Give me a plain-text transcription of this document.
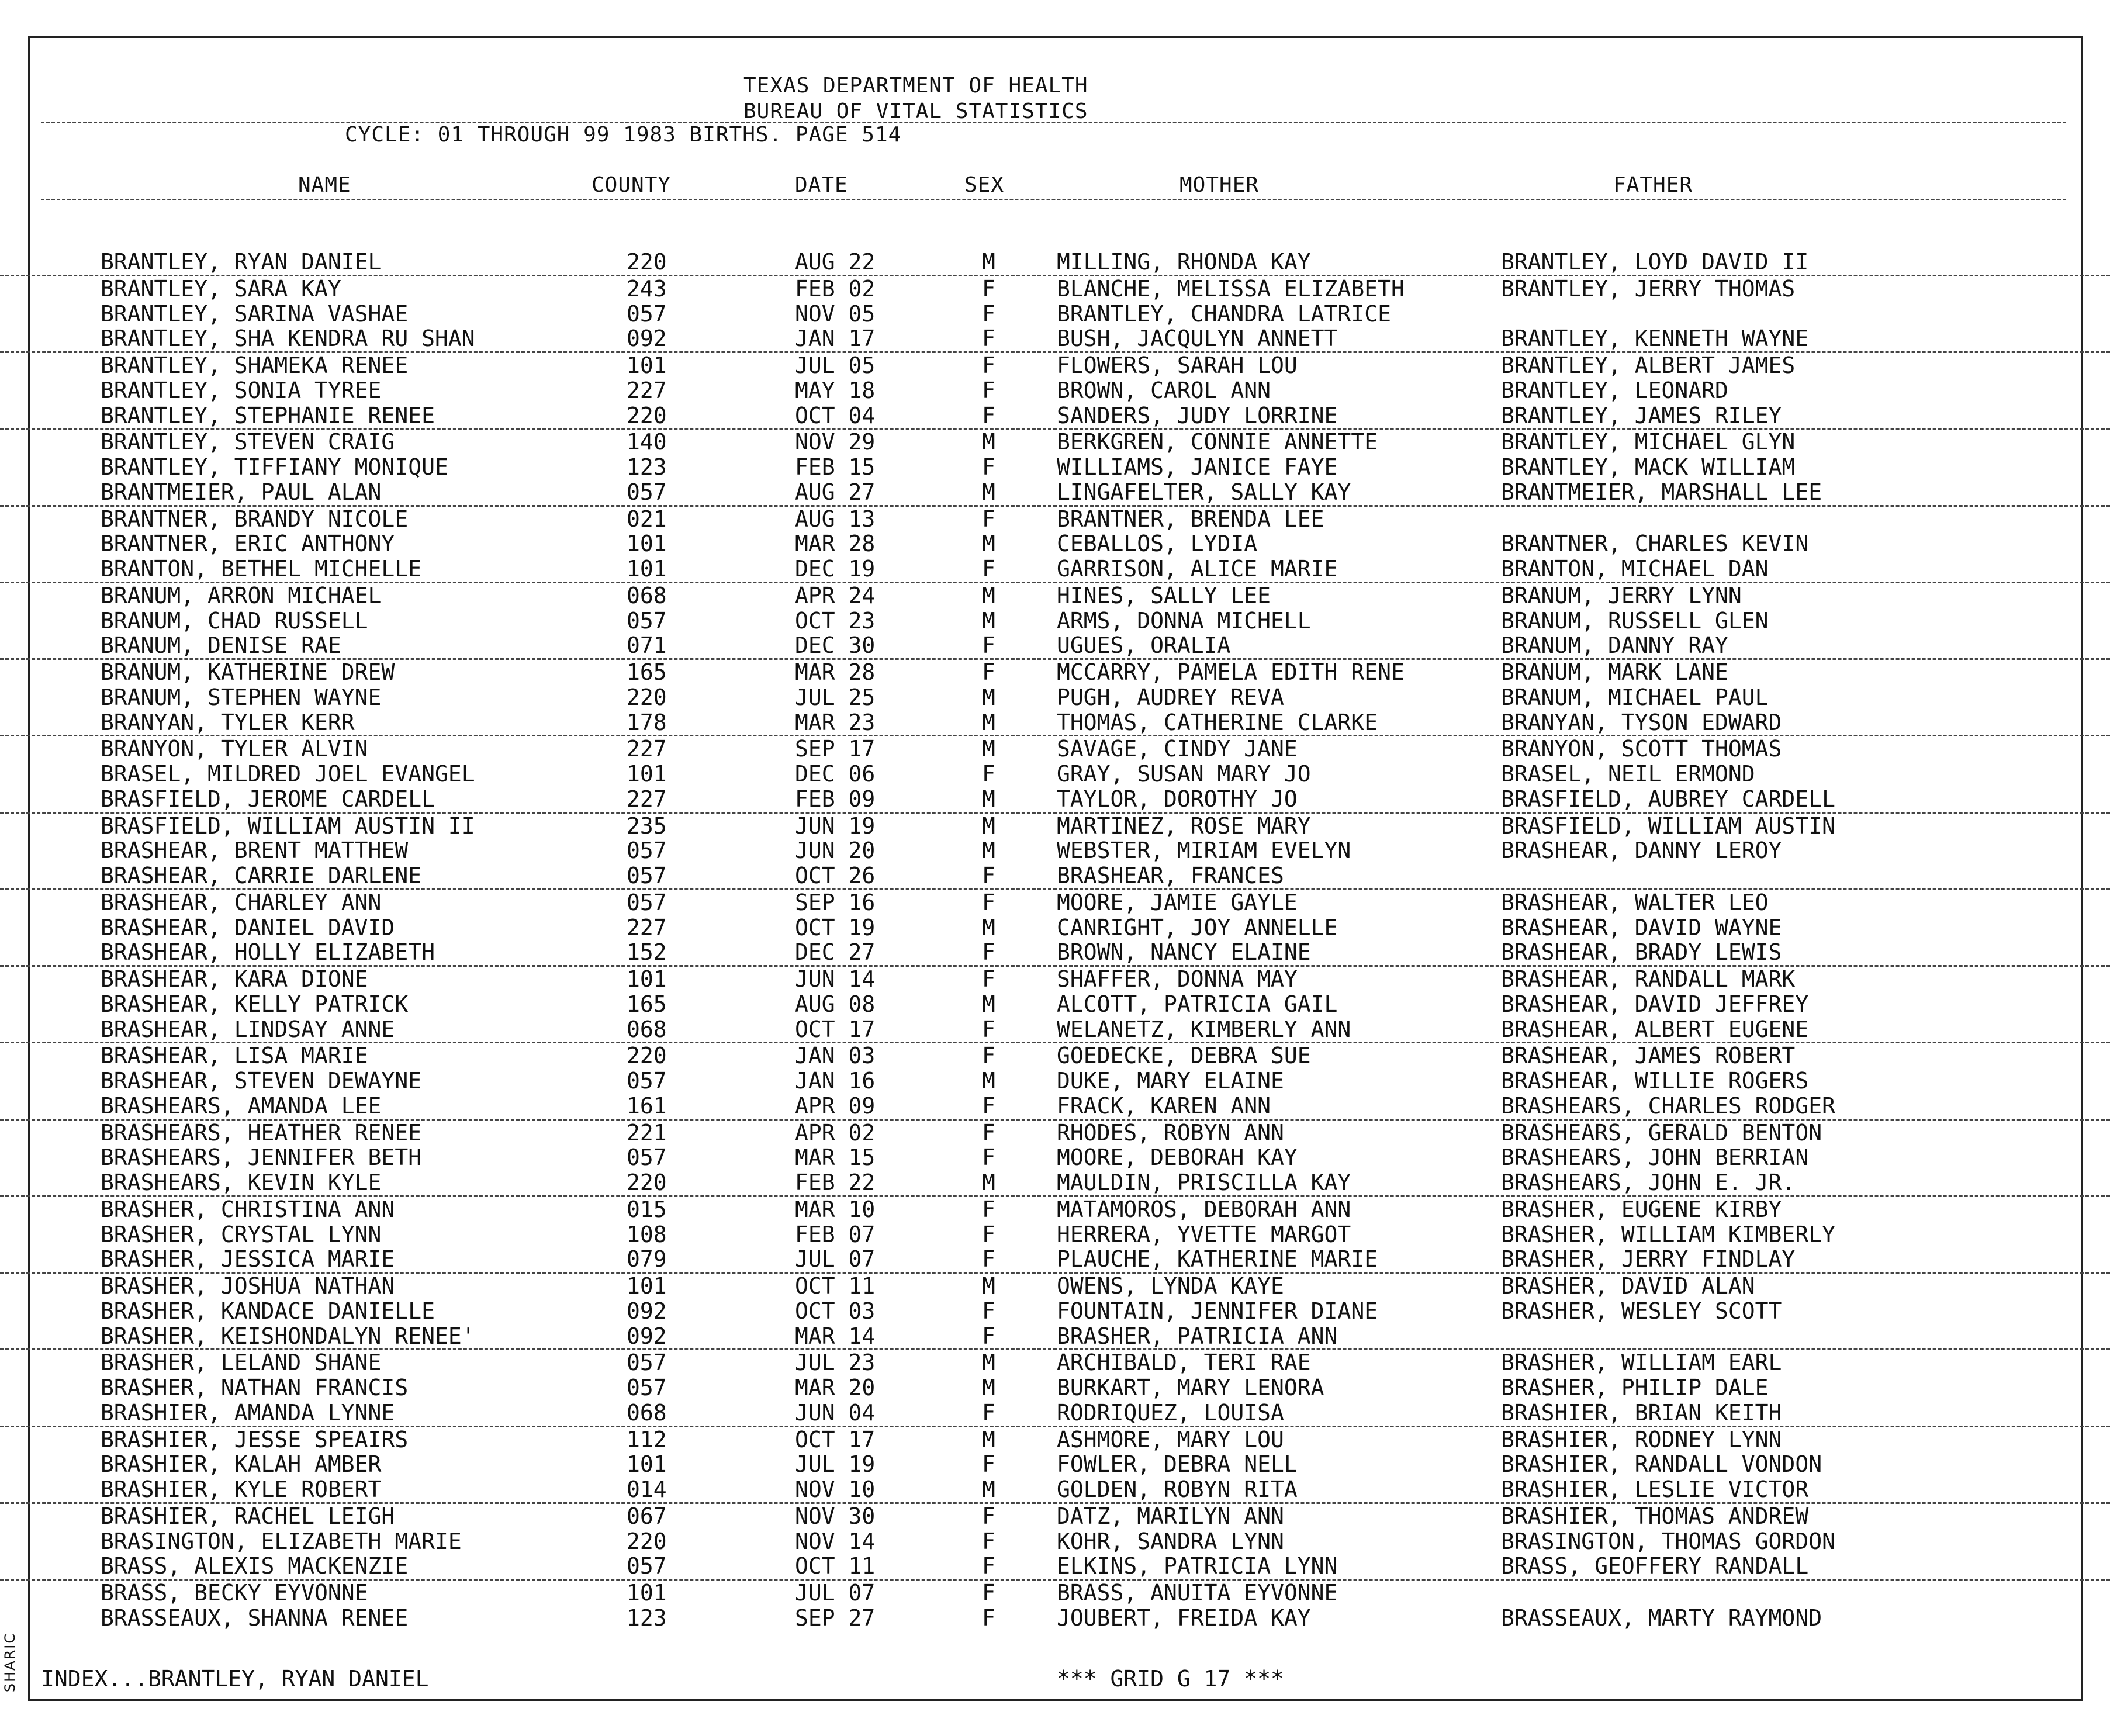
SHARIC
TEXAS DEPARTMENT OF HEALTH
BUREAU OF VITAL STATISTICS
CYCLE: 01 THROUGH 99 1983 BIRTHS. PAGE 514
NAME	COUNTY	DATE	SEX	MOTHER	FATHER
BRANTLEY, RYAN DANIEL	220	AUG 22	M	MILLING, RHONDA KAY	BRANTLEY, LOYD DAVID II
BRANTLEY, SARA KAY	243	FEB 02	F	BLANCHE, MELISSA ELIZABETH	BRANTLEY, JERRY THOMAS
BRANTLEY, SARINA VASHAE	057	NOV 05	F	BRANTLEY, CHANDRA LATRICE
BRANTLEY, SHA KENDRA RU SHAN	092	JAN 17	F	BUSH, JACQULYN ANNETT	BRANTLEY, KENNETH WAYNE
BRANTLEY, SHAMEKA RENEE	101	JUL 05	F	FLOWERS, SARAH LOU	BRANTLEY, ALBERT JAMES
BRANTLEY, SONIA TYREE	227	MAY 18	F	BROWN, CAROL ANN	BRANTLEY, LEONARD
BRANTLEY, STEPHANIE RENEE	220	OCT 04	F	SANDERS, JUDY LORRINE	BRANTLEY, JAMES RILEY
BRANTLEY, STEVEN CRAIG	140	NOV 29	M	BERKGREN, CONNIE ANNETTE	BRANTLEY, MICHAEL GLYN
BRANTLEY, TIFFIANY MONIQUE	123	FEB 15	F	WILLIAMS, JANICE FAYE	BRANTLEY, MACK WILLIAM
BRANTMEIER, PAUL ALAN	057	AUG 27	M	LINGAFELTER, SALLY KAY	BRANTMEIER, MARSHALL LEE
BRANTNER, BRANDY NICOLE	021	AUG 13	F	BRANTNER, BRENDA LEE
BRANTNER, ERIC ANTHONY	101	MAR 28	M	CEBALLOS, LYDIA	BRANTNER, CHARLES KEVIN
BRANTON, BETHEL MICHELLE	101	DEC 19	F	GARRISON, ALICE MARIE	BRANTON, MICHAEL DAN
BRANUM, ARRON MICHAEL	068	APR 24	M	HINES, SALLY LEE	BRANUM, JERRY LYNN
BRANUM, CHAD RUSSELL	057	OCT 23	M	ARMS, DONNA MICHELL	BRANUM, RUSSELL GLEN
BRANUM, DENISE RAE	071	DEC 30	F	UGUES, ORALIA	BRANUM, DANNY RAY
BRANUM, KATHERINE DREW	165	MAR 28	F	MCCARRY, PAMELA EDITH RENE	BRANUM, MARK LANE
BRANUM, STEPHEN WAYNE	220	JUL 25	M	PUGH, AUDREY REVA	BRANUM, MICHAEL PAUL
BRANYAN, TYLER KERR	178	MAR 23	M	THOMAS, CATHERINE CLARKE	BRANYAN, TYSON EDWARD
BRANYON, TYLER ALVIN	227	SEP 17	M	SAVAGE, CINDY JANE	BRANYON, SCOTT THOMAS
BRASEL, MILDRED JOEL EVANGEL	101	DEC 06	F	GRAY, SUSAN MARY JO	BRASEL, NEIL ERMOND
BRASFIELD, JEROME CARDELL	227	FEB 09	M	TAYLOR, DOROTHY JO	BRASFIELD, AUBREY CARDELL
BRASFIELD, WILLIAM AUSTIN II	235	JUN 19	M	MARTINEZ, ROSE MARY	BRASFIELD, WILLIAM AUSTIN
BRASHEAR, BRENT MATTHEW	057	JUN 20	M	WEBSTER, MIRIAM EVELYN	BRASHEAR, DANNY LEROY
BRASHEAR, CARRIE DARLENE	057	OCT 26	F	BRASHEAR, FRANCES
BRASHEAR, CHARLEY ANN	057	SEP 16	F	MOORE, JAMIE GAYLE	BRASHEAR, WALTER LEO
BRASHEAR, DANIEL DAVID	227	OCT 19	M	CANRIGHT, JOY ANNELLE	BRASHEAR, DAVID WAYNE
BRASHEAR, HOLLY ELIZABETH	152	DEC 27	F	BROWN, NANCY ELAINE	BRASHEAR, BRADY LEWIS
BRASHEAR, KARA DIONE	101	JUN 14	F	SHAFFER, DONNA MAY	BRASHEAR, RANDALL MARK
BRASHEAR, KELLY PATRICK	165	AUG 08	M	ALCOTT, PATRICIA GAIL	BRASHEAR, DAVID JEFFREY
BRASHEAR, LINDSAY ANNE	068	OCT 17	F	WELANETZ, KIMBERLY ANN	BRASHEAR, ALBERT EUGENE
BRASHEAR, LISA MARIE	220	JAN 03	F	GOEDECKE, DEBRA SUE	BRASHEAR, JAMES ROBERT
BRASHEAR, STEVEN DEWAYNE	057	JAN 16	M	DUKE, MARY ELAINE	BRASHEAR, WILLIE ROGERS
BRASHEARS, AMANDA LEE	161	APR 09	F	FRACK, KAREN ANN	BRASHEARS, CHARLES RODGER
BRASHEARS, HEATHER RENEE	221	APR 02	F	RHODES, ROBYN ANN	BRASHEARS, GERALD BENTON
BRASHEARS, JENNIFER BETH	057	MAR 15	F	MOORE, DEBORAH KAY	BRASHEARS, JOHN BERRIAN
BRASHEARS, KEVIN KYLE	220	FEB 22	M	MAULDIN, PRISCILLA KAY	BRASHEARS, JOHN E. JR.
BRASHER, CHRISTINA ANN	015	MAR 10	F	MATAMOROS, DEBORAH ANN	BRASHER, EUGENE KIRBY
BRASHER, CRYSTAL LYNN	108	FEB 07	F	HERRERA, YVETTE MARGOT	BRASHER, WILLIAM KIMBERLY
BRASHER, JESSICA MARIE	079	JUL 07	F	PLAUCHE, KATHERINE MARIE	BRASHER, JERRY FINDLAY
BRASHER, JOSHUA NATHAN	101	OCT 11	M	OWENS, LYNDA KAYE	BRASHER, DAVID ALAN
BRASHER, KANDACE DANIELLE	092	OCT 03	F	FOUNTAIN, JENNIFER DIANE	BRASHER, WESLEY SCOTT
BRASHER, KEISHONDALYN RENEE'	092	MAR 14	F	BRASHER, PATRICIA ANN
BRASHER, LELAND SHANE	057	JUL 23	M	ARCHIBALD, TERI RAE	BRASHER, WILLIAM EARL
BRASHER, NATHAN FRANCIS	057	MAR 20	M	BURKART, MARY LENORA	BRASHER, PHILIP DALE
BRASHIER, AMANDA LYNNE	068	JUN 04	F	RODRIQUEZ, LOUISA	BRASHIER, BRIAN KEITH
BRASHIER, JESSE SPEAIRS	112	OCT 17	M	ASHMORE, MARY LOU	BRASHIER, RODNEY LYNN
BRASHIER, KALAH AMBER	101	JUL 19	F	FOWLER, DEBRA NELL	BRASHIER, RANDALL VONDON
BRASHIER, KYLE ROBERT	014	NOV 10	M	GOLDEN, ROBYN RITA	BRASHIER, LESLIE VICTOR
BRASHIER, RACHEL LEIGH	067	NOV 30	F	DATZ, MARILYN ANN	BRASHIER, THOMAS ANDREW
BRASINGTON, ELIZABETH MARIE	220	NOV 14	F	KOHR, SANDRA LYNN	BRASINGTON, THOMAS GORDON
BRASS, ALEXIS MACKENZIE	057	OCT 11	F	ELKINS, PATRICIA LYNN	BRASS, GEOFFERY RANDALL
BRASS, BECKY EYVONNE	101	JUL 07	F	BRASS, ANUITA EYVONNE
BRASSEAUX, SHANNA RENEE	123	SEP 27	F	JOUBERT, FREIDA KAY	BRASSEAUX, MARTY RAYMOND
INDEX...BRANTLEY, RYAN DANIEL	*** GRID G 17 ***
